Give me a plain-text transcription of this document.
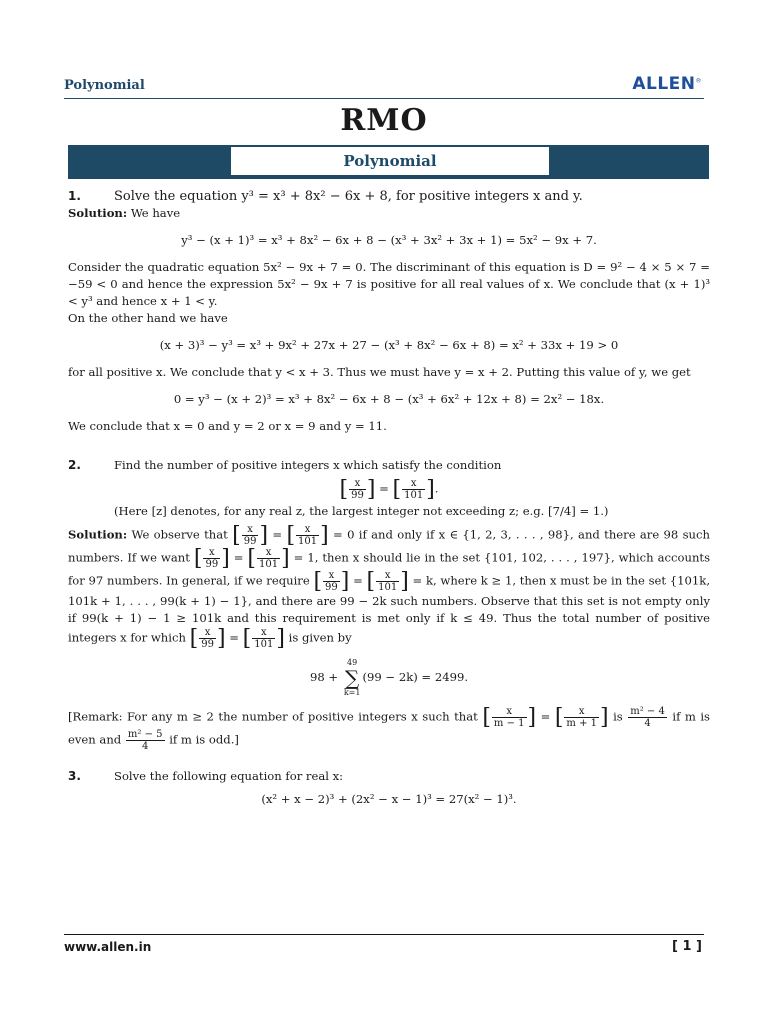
Polynomial	ALLEN®
RMO
Polynomial
1.	Solve the equation y³ = x³ + 8x² − 6x + 8, for positive integers x and y.

Solution: We have

y³ − (x + 1)³ = x³ + 8x² − 6x + 8 − (x³ + 3x² + 3x + 1) = 5x² − 9x + 7.

Consider the quadratic equation 5x² − 9x + 7 = 0. The discriminant of this equation is D = 9² − 4 × 5 × 7 = −59 < 0 and hence the expression 5x² − 9x + 7 is positive for all real values of x. We conclude that (x + 1)³ < y³ and hence x + 1 < y.

On the other hand we have

(x + 3)³ − y³ = x³ + 9x² + 27x + 27 − (x³ + 8x² − 6x + 8) = x² + 33x + 19 > 0

for all positive x. We conclude that y < x + 3. Thus we must have y = x + 2. Putting this value of y, we get

0 = y³ − (x + 2)³ = x³ + 8x² − 6x + 8 − (x³ + 6x² + 12x + 8) = 2x² − 18x.

We conclude that x = 0 and y = 2 or x = 9 and y = 11.

2.	Find the number of positive integers x which satisfy the condition
[ $\frac{x}{99}$ ] = [ $\frac{x}{101}$ ].

(Here [z] denotes, for any real z, the largest integer not exceeding z; e.g. [7/4] = 1.)

Solution: We observe that [ $\frac{x}{99}$ ] = [ $\frac{x}{101}$ ] = 0 if and only if x ∈ {1, 2, 3, . . . , 98}, and there are 98 such numbers. If we want [ $\frac{x}{99}$ ] = [ $\frac{x}{101}$ ] = 1, then x should lie in the set {101, 102, . . . , 197}, which accounts for 97 numbers. In general, if we require [ $\frac{x}{99}$ ] = [ $\frac{x}{101}$ ] = k, where k ≥ 1, then x must be in the set {101k, 101k + 1, . . . , 99(k + 1) − 1}, and there are 99 − 2k such numbers. Observe that this set is not empty only if 99(k + 1) − 1 ≥ 101k and this requirement is met only if k ≤ 49. Thus the total number of positive integers x for which [ $\frac{x}{99}$ ] = [ $\frac{x}{101}$ ] is given by

98 +
49
∑
k=1
(99 − 2k) = 2499.

[Remark: For any m ≥ 2 the number of positive integers x such that [ $\frac{x}{m - 1}$ ] = [ $\frac{x}{m + 1}$ ] is $\frac{\text{m² − 4}}{4}$ if m is even and $\frac{\text{m² − 5}}{4}$ if m is odd.]

3.	Solve the following equation for real x:
(x² + x − 2)³ + (2x² − x − 1)³ = 27(x² − 1)³.
www.allen.in	[ 1 ]
